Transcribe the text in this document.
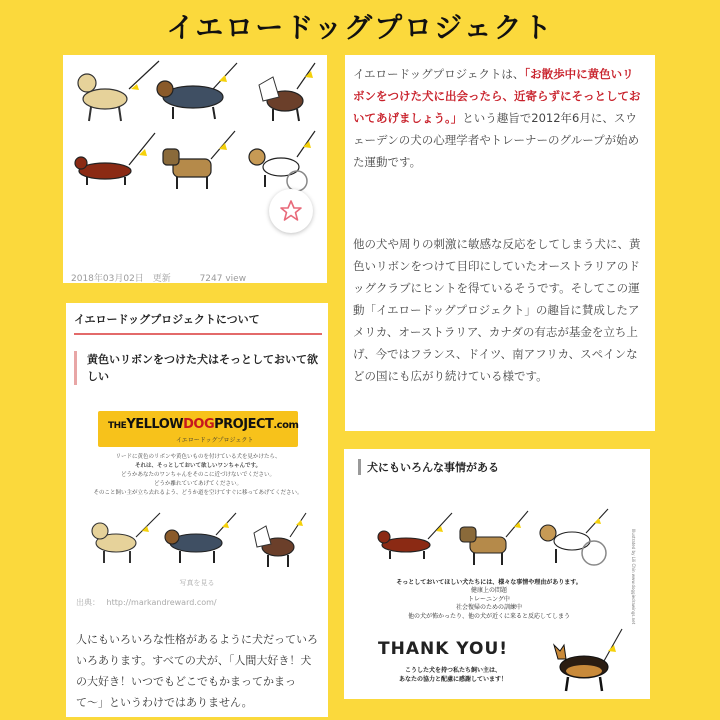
イエロードッグプロジェクト
2018年03月02日 更新	7247 view
イエロードッグプロジェクトは、「お散歩中に黄色いリボンをつけた犬に出会ったら、近寄らずにそっとしておいてあげましょう。」という趣旨で2012年6月に、スウェーデンの犬の心理学者やトレーナーのグループが始めた運動です。
他の犬や周りの刺激に敏感な反応をしてしまう犬に、黄色いリボンをつけて目印にしていたオーストラリアのドッグクラブにヒントを得ているそうです。そしてこの運動「イエロードッグプロジェクト」の趣旨に賛成したアメリカ、オーストラリア、カナダの有志が基金を立ち上げ、今ではフランス、ドイツ、南アフリカ、スペインなどの国にも広がり続けている様です。
イエロードッグプロジェクトについて
黄色いリボンをつけた犬はそっとしておいて欲しい
THEYELLOWDOGPROJECT.com
イエロードッグプロジェクト
リードに黄色のリボンや黄色いものを付けている犬を見かけたら、
それは、そっとしておいて欲しいワンちゃんです。
どうかあなたのワンちゃんをそのこに近づけないでください。
どうか離れていてあげてください。
そのこと飼い主が立ち去れるよう、どうか道を空けてすぐに移ってあげてください。
写真を見る
出典： http://markandreward.com/
人にもいろいろな性格があるように犬だっていろいろあります。すべての犬が、「人間大好き！犬の大好き！いつでもどこでもかまってかまって〜」というわけではありません。
犬にもいろんな事情がある
そっとしておいてほしい犬たちには、様々な事情や理由があります。
健康上の問題
トレーニング中
社会復帰のための訓練中
他の犬が怖かったり、他の犬が近くに来ると反応してしまう
THANK YOU!
こうした犬を持つ私たち飼い主は、
あなたの協力と配慮に感謝しています！
Illustrated by Lili Chin www.doggiedrawings.net
